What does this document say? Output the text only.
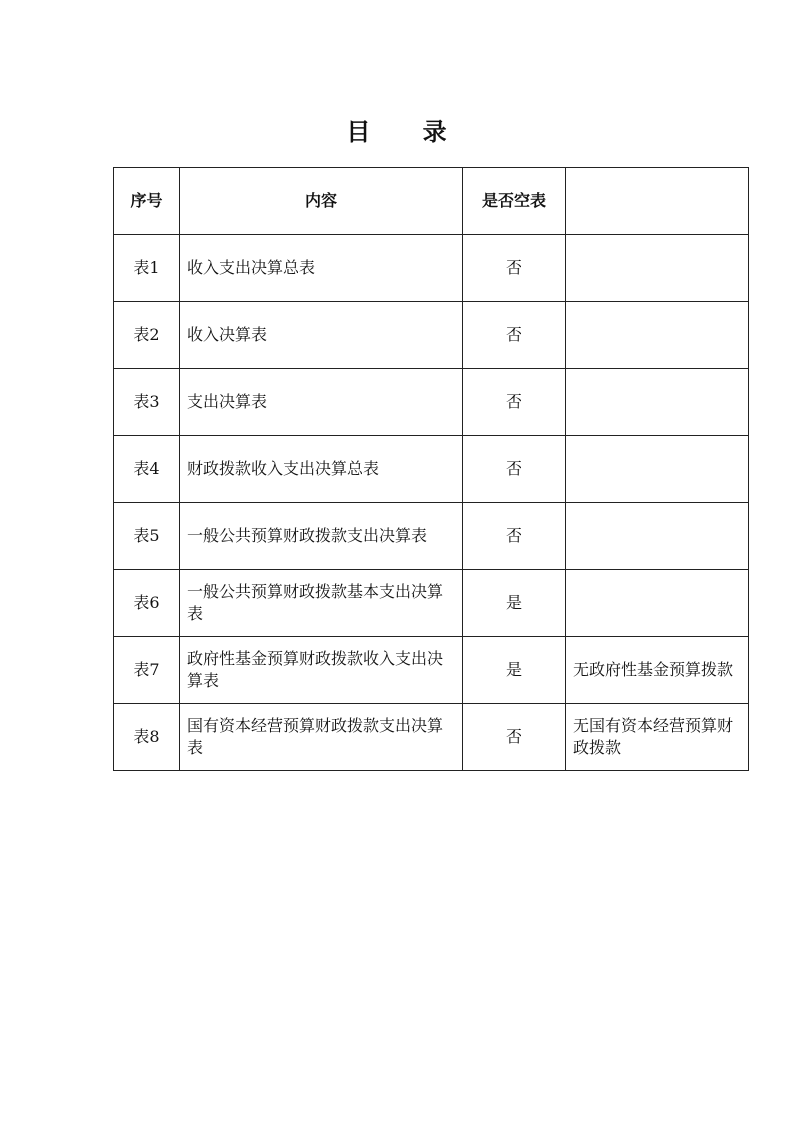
目 录
序号	内容	是否空表	
表1	收入支出决算总表	否	
表2	收入决算表	否	
表3	支出决算表	否	
表4	财政拨款收入支出决算总表	否	
表5	一般公共预算财政拨款支出决算表	否	
表6	一般公共预算财政拨款基本支出决算表	是	
表7	政府性基金预算财政拨款收入支出决算表	是	无政府性基金预算拨款
表8	国有资本经营预算财政拨款支出决算表	否	无国有资本经营预算财政拨款
